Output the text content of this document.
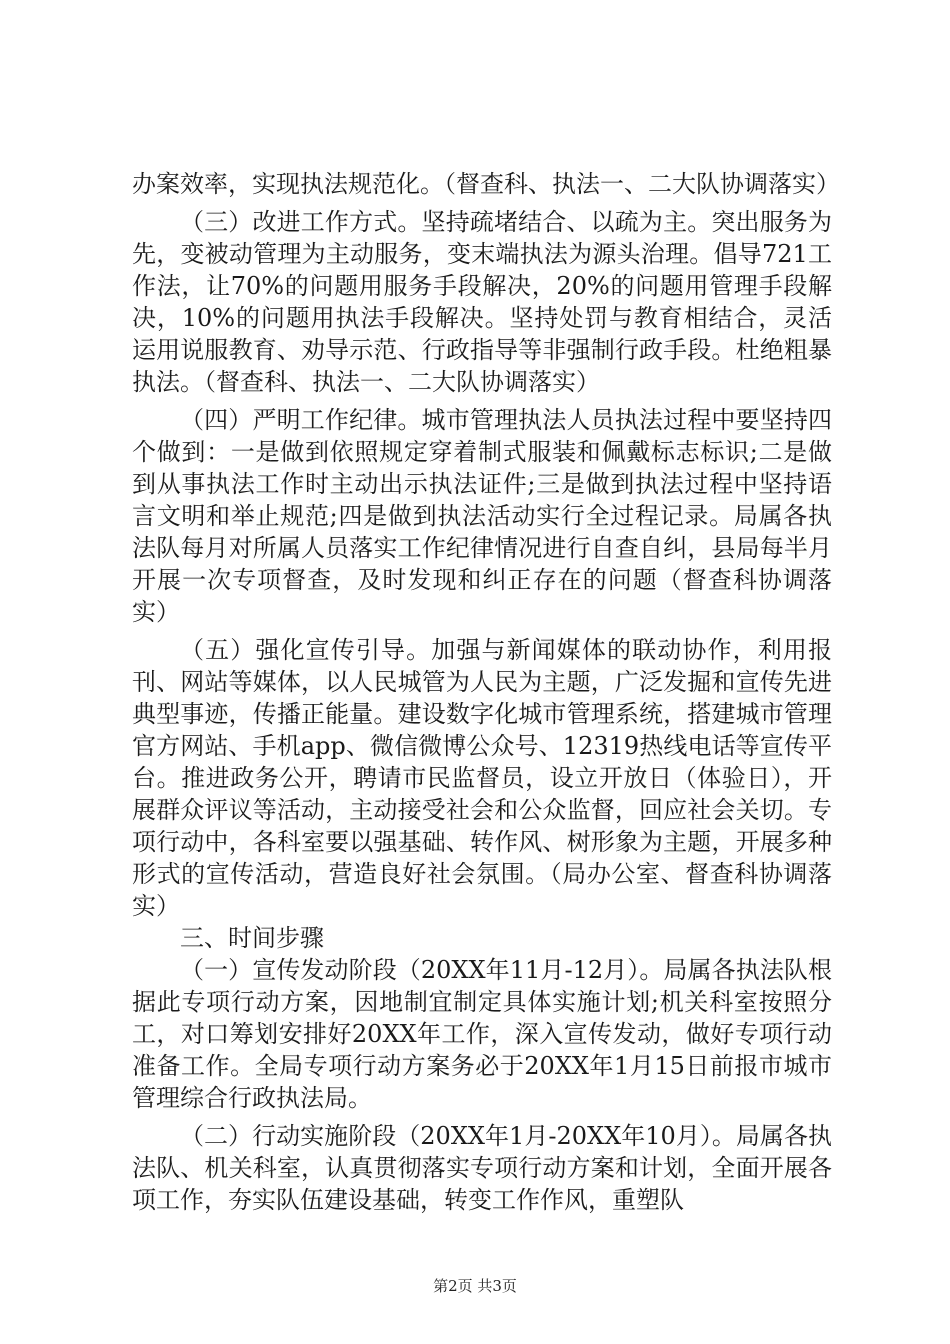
办案效率，实现执法规范化。（督查科、执法一、二大队协调落实）

（三）改进工作方式。坚持疏堵结合、以疏为主。突出服务为先，变被动管理为主动服务，变末端执法为源头治理。倡导721工作法，让70%的问题用服务手段解决，20%的问题用管理手段解决，10%的问题用执法手段解决。坚持处罚与教育相结合，灵活运用说服教育、劝导示范、行政指导等非强制行政手段。杜绝粗暴执法。（督查科、执法一、二大队协调落实）

（四）严明工作纪律。城市管理执法人员执法过程中要坚持四个做到：一是做到依照规定穿着制式服装和佩戴标志标识;二是做到从事执法工作时主动出示执法证件;三是做到执法过程中坚持语言文明和举止规范;四是做到执法活动实行全过程记录。局属各执法队每月对所属人员落实工作纪律情况进行自查自纠，县局每半月开展一次专项督查，及时发现和纠正存在的问题（督查科协调落实）

（五）强化宣传引导。加强与新闻媒体的联动协作，利用报刊、网站等媒体，以人民城管为人民为主题，广泛发掘和宣传先进典型事迹，传播正能量。建设数字化城市管理系统，搭建城市管理官方网站、手机app、微信微博公众号、12319热线电话等宣传平台。推进政务公开，聘请市民监督员，设立开放日（体验日），开展群众评议等活动，主动接受社会和公众监督，回应社会关切。专项行动中，各科室要以强基础、转作风、树形象为主题，开展多种形式的宣传活动，营造良好社会氛围。（局办公室、督查科协调落实）

三、时间步骤

（一）宣传发动阶段（20XX年11月-12月）。局属各执法队根据此专项行动方案，因地制宜制定具体实施计划;机关科室按照分工，对口筹划安排好20XX年工作，深入宣传发动，做好专项行动准备工作。全局专项行动方案务必于20XX年1月15日前报市城市管理综合行政执法局。

（二）行动实施阶段（20XX年1月-20XX年10月）。局属各执法队、机关科室，认真贯彻落实专项行动方案和计划，全面开展各项工作，夯实队伍建设基础，转变工作作风，重塑队

第2页 共3页
